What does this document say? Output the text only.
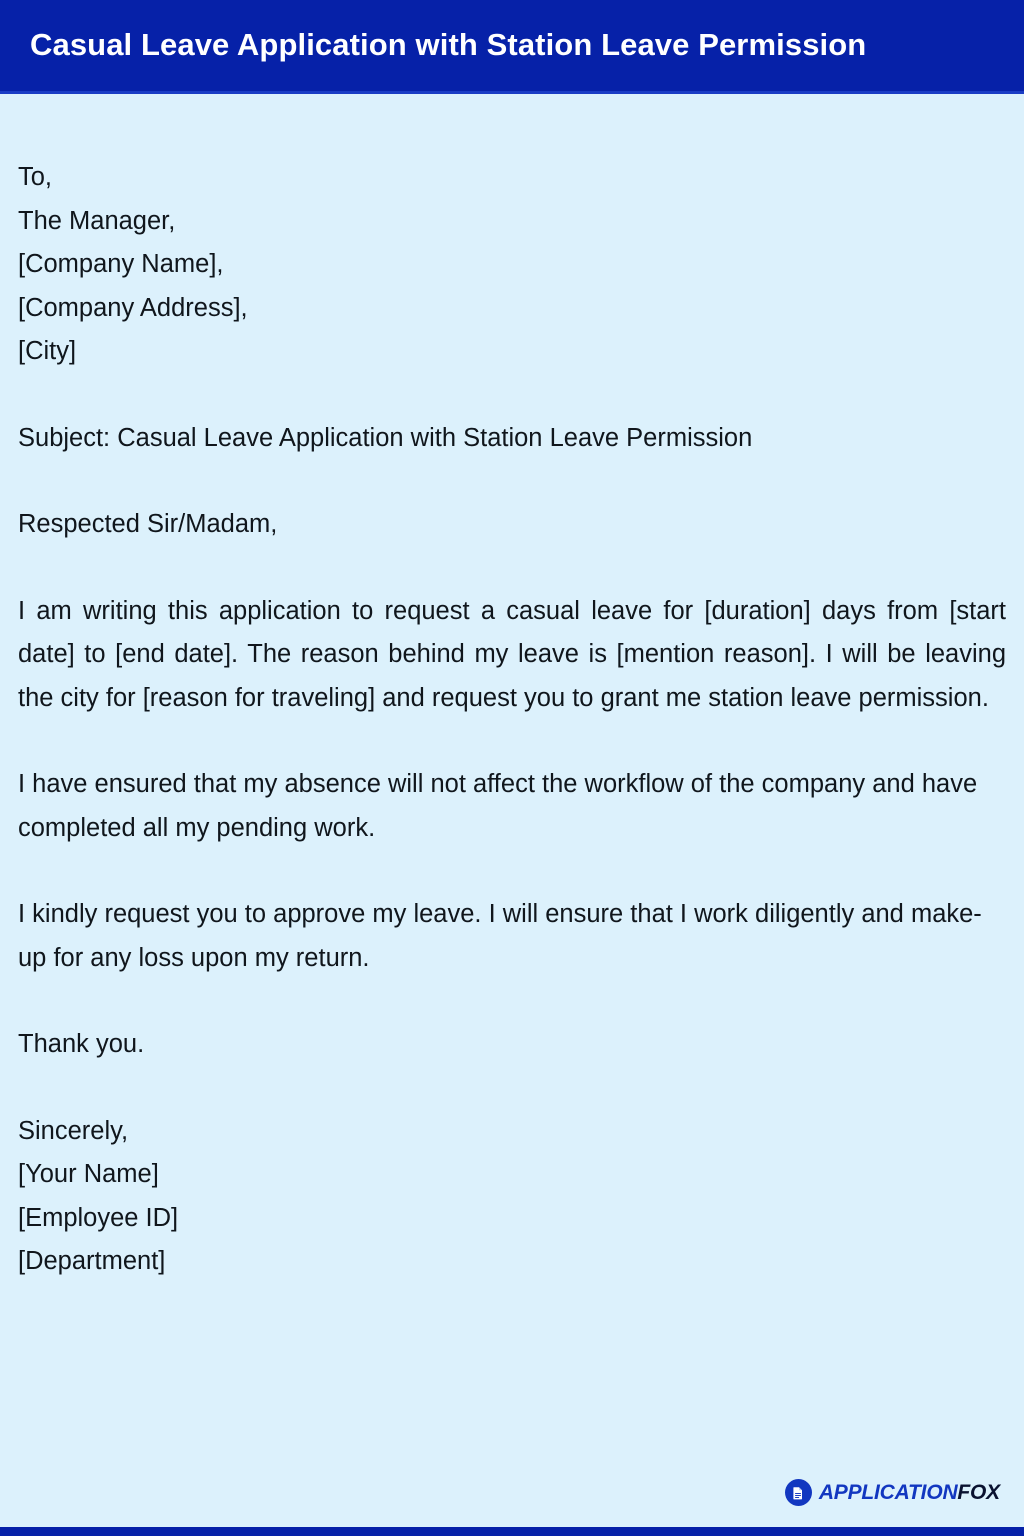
Casual Leave Application with Station Leave Permission
To,
The Manager,
[Company Name],
[Company Address],
[City]
Subject: Casual Leave Application with Station Leave Permission
Respected Sir/Madam,
I am writing this application to request a casual leave for [duration] days from [start date] to [end date]. The reason behind my leave is [mention reason]. I will be leaving the city for [reason for traveling] and request you to grant me station leave permission.
I have ensured that my absence will not affect the workflow of the company and have completed all my pending work.
I kindly request you to approve my leave. I will ensure that I work diligently and make-up for any loss upon my return.
Thank you.
Sincerely,
[Your Name]
[Employee ID]
[Department]
APPLICATIONFOX
